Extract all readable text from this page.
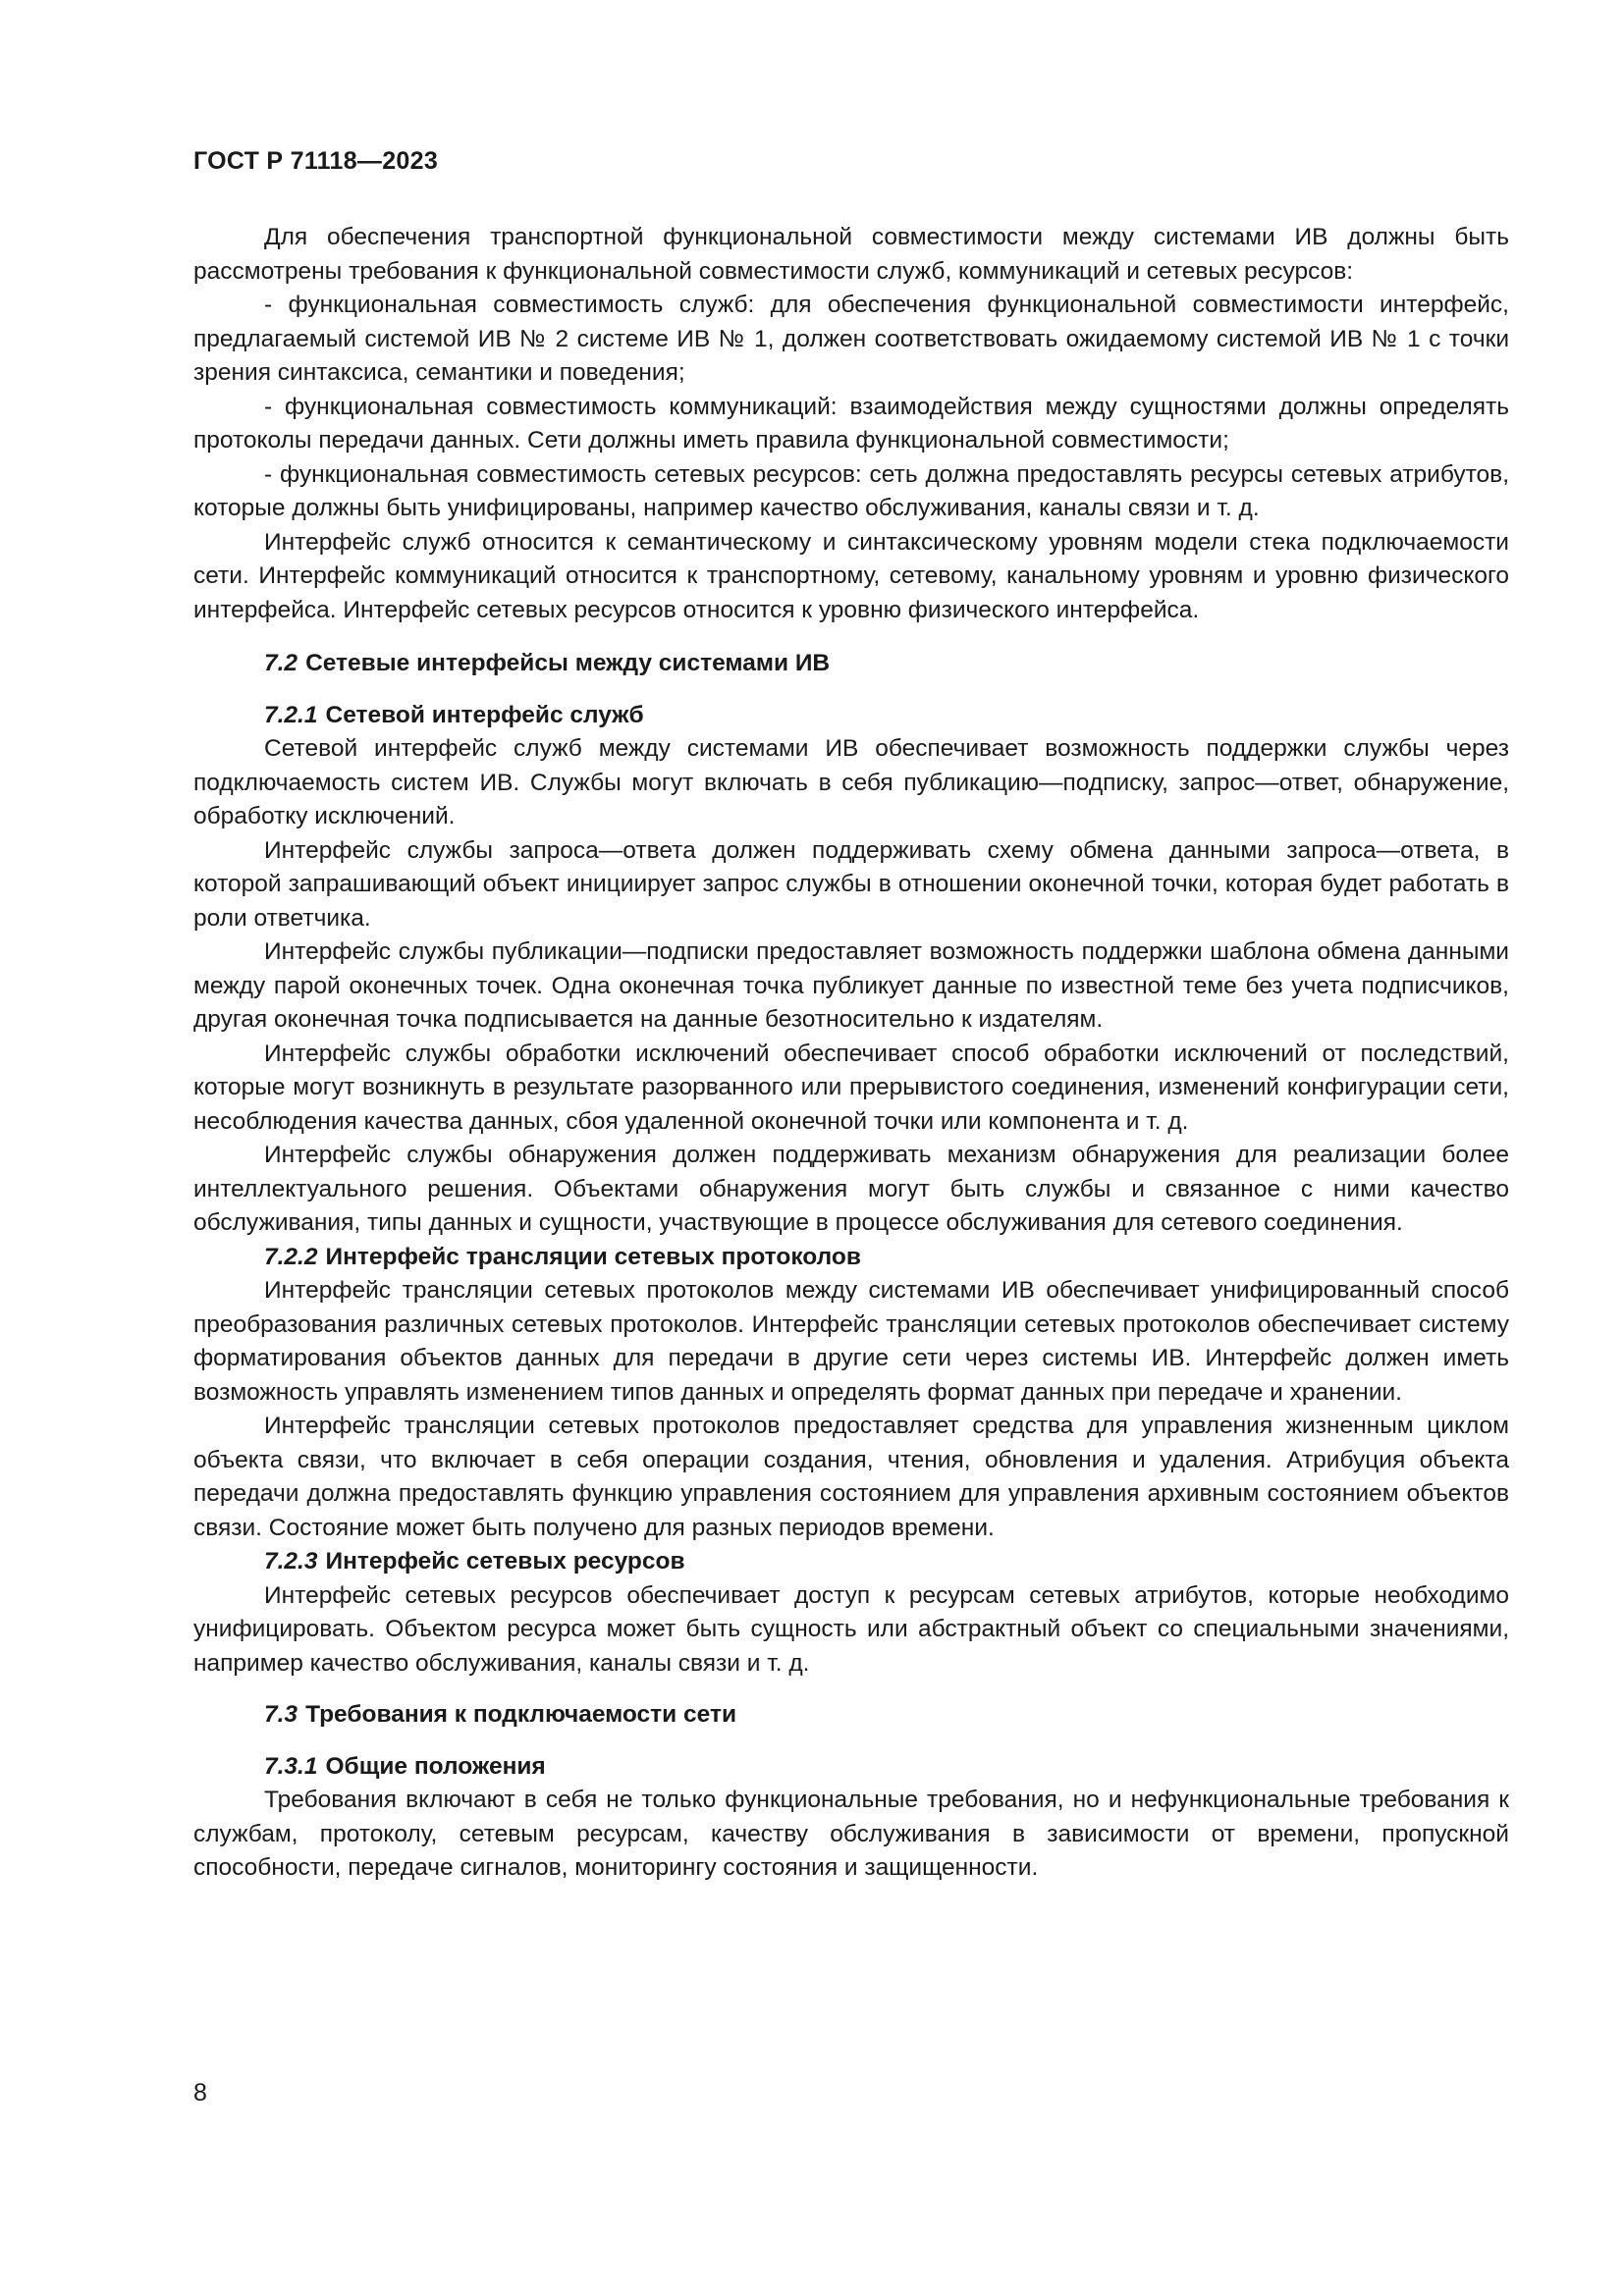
ГОСТ Р 71118—2023

Для обеспечения транспортной функциональной совместимости между системами ИВ должны быть рассмотрены требования к функциональной совместимости служб, коммуникаций и сетевых ресурсов:

- функциональная совместимость служб: для обеспечения функциональной совместимости интерфейс, предлагаемый системой ИВ № 2 системе ИВ № 1, должен соответствовать ожидаемому системой ИВ № 1 с точки зрения синтаксиса, семантики и поведения;

- функциональная совместимость коммуникаций: взаимодействия между сущностями должны определять протоколы передачи данных. Сети должны иметь правила функциональной совместимости;

- функциональная совместимость сетевых ресурсов: сеть должна предоставлять ресурсы сетевых атрибутов, которые должны быть унифицированы, например качество обслуживания, каналы связи и т. д.

Интерфейс служб относится к семантическому и синтаксическому уровням модели стека подключаемости сети. Интерфейс коммуникаций относится к транспортному, сетевому, канальному уровням и уровню физического интерфейса. Интерфейс сетевых ресурсов относится к уровню физического интерфейса.

7.2 Сетевые интерфейсы между системами ИВ

7.2.1 Сетевой интерфейс служб

Сетевой интерфейс служб между системами ИВ обеспечивает возможность поддержки службы через подключаемость систем ИВ. Службы могут включать в себя публикацию—подписку, запрос—ответ, обнаружение, обработку исключений.

Интерфейс службы запроса—ответа должен поддерживать схему обмена данными запроса—ответа, в которой запрашивающий объект инициирует запрос службы в отношении оконечной точки, которая будет работать в роли ответчика.

Интерфейс службы публикации—подписки предоставляет возможность поддержки шаблона обмена данными между парой оконечных точек. Одна оконечная точка публикует данные по известной теме без учета подписчиков, другая оконечная точка подписывается на данные безотносительно к издателям.

Интерфейс службы обработки исключений обеспечивает способ обработки исключений от последствий, которые могут возникнуть в результате разорванного или прерывистого соединения, изменений конфигурации сети, несоблюдения качества данных, сбоя удаленной оконечной точки или компонента и т. д.

Интерфейс службы обнаружения должен поддерживать механизм обнаружения для реализации более интеллектуального решения. Объектами обнаружения могут быть службы и связанное с ними качество обслуживания, типы данных и сущности, участвующие в процессе обслуживания для сетевого соединения.

7.2.2 Интерфейс трансляции сетевых протоколов

Интерфейс трансляции сетевых протоколов между системами ИВ обеспечивает унифицированный способ преобразования различных сетевых протоколов. Интерфейс трансляции сетевых протоколов обеспечивает систему форматирования объектов данных для передачи в другие сети через системы ИВ. Интерфейс должен иметь возможность управлять изменением типов данных и определять формат данных при передаче и хранении.

Интерфейс трансляции сетевых протоколов предоставляет средства для управления жизненным циклом объекта связи, что включает в себя операции создания, чтения, обновления и удаления. Атрибуция объекта передачи должна предоставлять функцию управления состоянием для управления архивным состоянием объектов связи. Состояние может быть получено для разных периодов времени.

7.2.3 Интерфейс сетевых ресурсов

Интерфейс сетевых ресурсов обеспечивает доступ к ресурсам сетевых атрибутов, которые необходимо унифицировать. Объектом ресурса может быть сущность или абстрактный объект со специальными значениями, например качество обслуживания, каналы связи и т. д.

7.3 Требования к подключаемости сети

7.3.1 Общие положения

Требования включают в себя не только функциональные требования, но и нефункциональные требования к службам, протоколу, сетевым ресурсам, качеству обслуживания в зависимости от времени, пропускной способности, передаче сигналов, мониторингу состояния и защищенности.

8
